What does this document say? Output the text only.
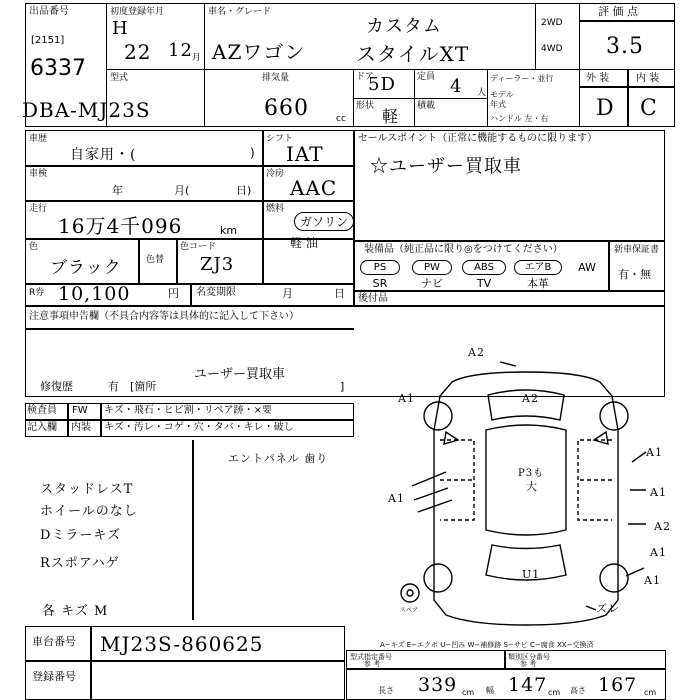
出品番号
[2151]
6337
初度登録年月
H
22 12 月
車名・グレード
AZワゴン
カスタム
スタイルXT
2WD
4WD
評 価 点
3.5
型式
DBA-MJ23S
排気量
660	cc
ドア
5D 定員 4 人
形状
軽
積載
ディーラー・並行
モデル年式
ハンドル 左・右
外 装	内 装
D C
車歴
自家用・(	)
シフト
IAT
セールスポイント（正常に機能するものに限ります）
☆ユーザー買取車
車検
年	月(	日)
冷房
AAC
走行
16万4千096	km
燃料
ガソリン
軽 油
色
ブラック	色替
色コード
ZJ3
装備品（純正品に限り◎をつけてください）	新車保証書
有・無
PS	PW	ABS	エアB	AW
SR	ナビ	TV	本革
R券 10,100	円 名変期限	月	日 後付品
注意事項申告欄（不具合内容等は具体的に記入して下さい）
ユーザー買取車
修復歴	有 [箇所	]
検査員
記入欄
FW キズ・飛石・ヒビ割・リペア跡・×要
内装 キズ・汚レ・コゲ・穴・タバ・キレ・破し
エントパネル 歯り
スタッドレスT
ホイールのなし
Dミラーキズ
Rスポアハゲ
各 キズ M
A2
A1	A2
A1
A1	A1
A1
A2
U1	A1
ズレ
P3も
大
スペア
A−キズ E−エクボ U−凹み W−補修跡 S−サビ C−腐食 XX−交換済
車台番号 MJ23S-860625
登録番号
型式指定番号
参 考
類別区分番号
参 考
長さ 339 cm 幅 147 cm 高さ 167 cm
